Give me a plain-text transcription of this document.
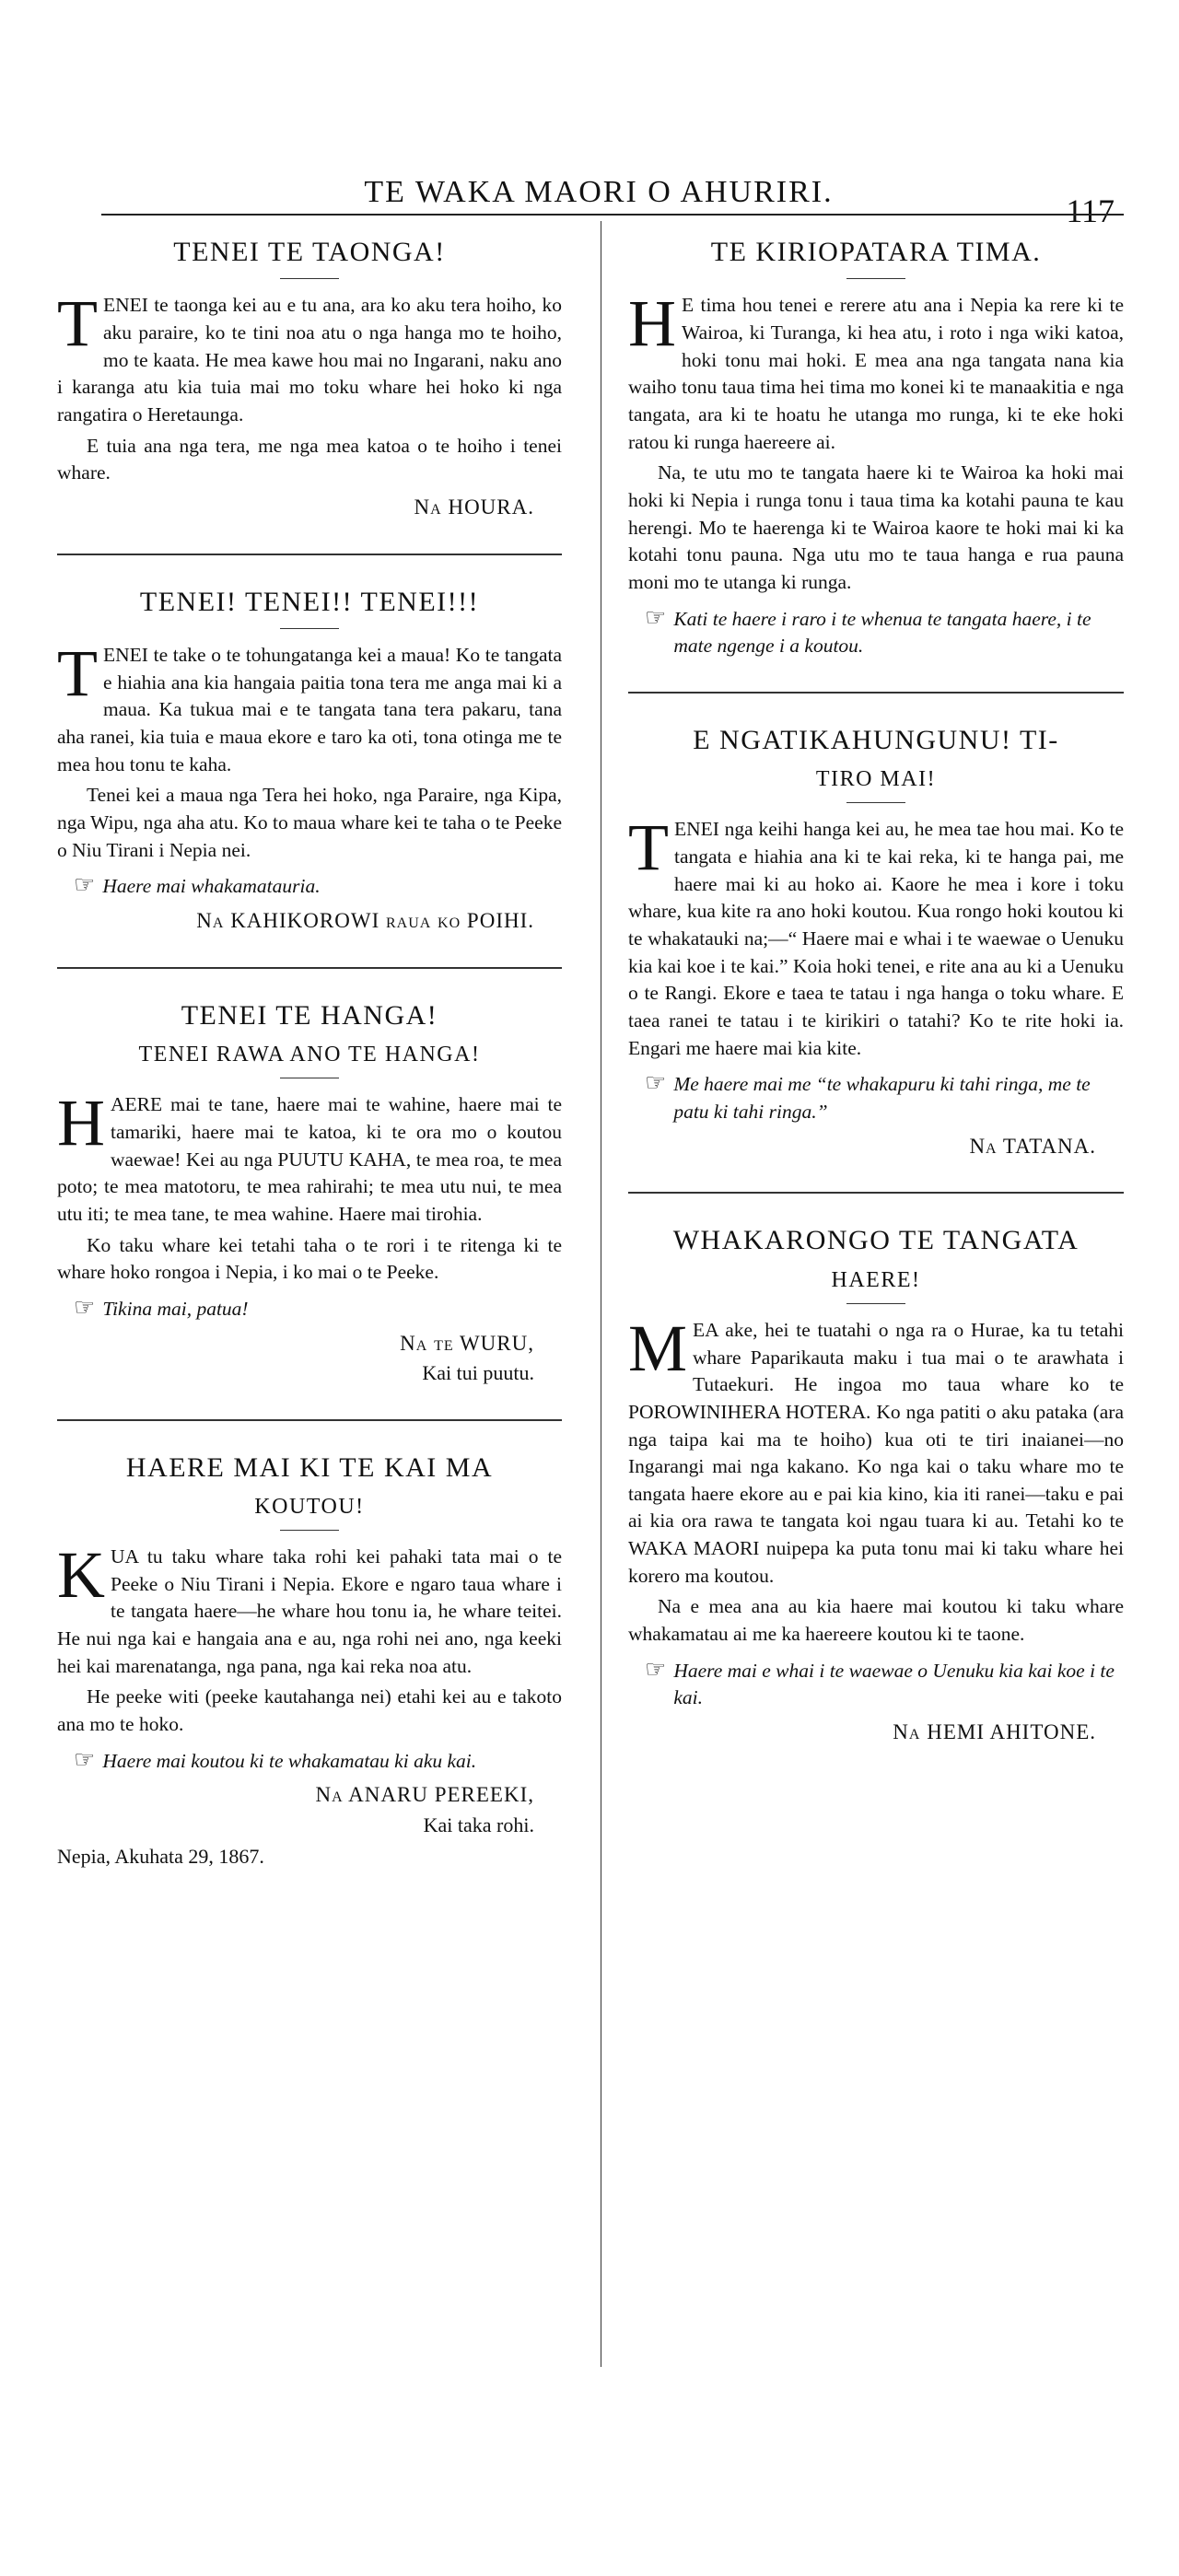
TE WAKA MAORI O AHURIRI.
117
TENEI TE TAONGA!

TENEI te taonga kei au e tu ana, ara ko aku tera hoiho, ko aku paraire, ko te tini noa atu o nga hanga mo te hoiho, mo te kaata. He mea kawe hou mai no Ingarani, naku ano i karanga atu kia tuia mai mo toku whare hei hoko ki nga rangatira o Heretaunga.

E tuia ana nga tera, me nga mea katoa o te hoiho i tenei whare.

Na HOURA.
TENEI! TENEI!! TENEI!!!

TENEI te take o te tohungatanga kei a maua! Ko te tangata e hiahia ana kia hangaia paitia tona tera me anga mai ki a maua. Ka tukua mai e te tangata tana tera pakaru, tana aha ranei, kia tuia e maua ekore e taro ka oti, tona otinga me te mea hou tonu te kaha.

Tenei kei a maua nga Tera hei hoko, nga Paraire, nga Kipa, nga Wipu, nga aha atu. Ko to maua whare kei te taha o te Peeke o Niu Tirani i Nepia nei.

☞ Haere mai whakamatauria.
Na KAHIKOROWI raua ko POIHI.
TENEI TE HANGA!
TENEI RAWA ANO TE HANGA!

HAERE mai te tane, haere mai te wahine, haere mai te tamariki, haere mai te katoa, ki te ora mo o koutou waewae! Kei au nga PUUTU KAHA, te mea roa, te mea poto; te mea matotoru, te mea rahirahi; te mea utu nui, te mea utu iti; te mea tane, te mea wahine. Haere mai tirohia.

Ko taku whare kei tetahi taha o te rori i te ritenga ki te whare hoko rongoa i Nepia, i ko mai o te Peeke.

☞ Tikina mai, patua!
Na te WURU,
Kai tui puutu.
HAERE MAI KI TE KAI MA
KOUTOU!

KUA tu taku whare taka rohi kei pahaki tata mai o te Peeke o Niu Tirani i Nepia. Ekore e ngaro taua whare i te tangata haere—he whare hou tonu ia, he whare teitei. He nui nga kai e hangaia ana e au, nga rohi nei ano, nga keeki hei kai marenatanga, nga pana, nga kai reka noa atu.

He peeke witi (peeke kautahanga nei) etahi kei au e takoto ana mo te hoko.

☞ Haere mai koutou ki te whakamatau ki aku kai.
Na ANARU PEREEKI,
Kai taka rohi.
Nepia, Akuhata 29, 1867.
TE KIRIOPATARA TIMA.

H E tima hou tenei e rerere atu ana i Nepia ka rere ki te Wairoa, ki Turanga, ki hea atu, i roto i nga wiki katoa, hoki tonu mai hoki. E mea ana nga tangata nana kia waiho tonu taua tima hei tima mo konei ki te manaakitia e nga tangata, ara ki te hoatu he utanga mo runga, ki te eke hoki ratou ki runga haereere ai.

Na, te utu mo te tangata haere ki te Wairoa ka hoki mai hoki ki Nepia i runga tonu i taua tima ka kotahi pauna te kau herengi. Mo te haerenga ki te Wairoa kaore te hoki mai ki ka kotahi tonu pauna. Nga utu mo te taua hanga e rua pauna moni mo te utanga ki runga.

☞ Kati te haere i raro i te whenua te tangata haere, i te mate ngenge i a koutou.
E NGATIKAHUNGUNU! TI-
TIRO MAI!

TENEI nga keihi hanga kei au, he mea tae hou mai. Ko te tangata e hiahia ana ki te kai reka, ki te hanga pai, me haere mai ki au hoko ai. Kaore he mea i kore i toku whare, kua kite ra ano hoki koutou. Kua rongo hoki koutou ki te whakatauki na;—“ Haere mai e whai i te waewae o Uenuku kia kai koe i te kai.” Koia hoki tenei, e rite ana au ki a Uenuku o te Rangi. Ekore e taea te tatau i nga hanga o toku whare. E taea ranei te tatau i te kirikiri o tatahi? Ko te rite hoki ia. Engari me haere mai kia kite.

☞ Me haere mai me “te whakapuru ki tahi ringa, me te patu ki tahi ringa.”
Na TATANA.
WHAKARONGO TE TANGATA
HAERE!

MEA ake, hei te tuatahi o nga ra o Hurae, ka tu tetahi whare Paparikauta maku i tua mai o te arawhata i Tutaekuri. He ingoa mo taua whare ko te POROWINIHERA HOTERA. Ko nga patiti o aku pataka (ara nga taipa kai ma te hoiho) kua oti te tiri inaianei—no Ingarangi mai nga kakano. Ko nga kai o taku whare mo te tangata haere ekore au e pai kia kino, kia iti ranei—taku e pai ai kia ora rawa te tangata koi ngau tuara ki au. Tetahi ko te WAKA MAORI nuipepa ka puta tonu mai ki taku whare hei korero ma koutou.

Na e mea ana au kia haere mai koutou ki taku whare whakamatau ai me ka haereere koutou ki te taone.

☞ Haere mai e whai i te waewae o Uenuku kia kai koe i te kai.
Na HEMI AHITONE.
